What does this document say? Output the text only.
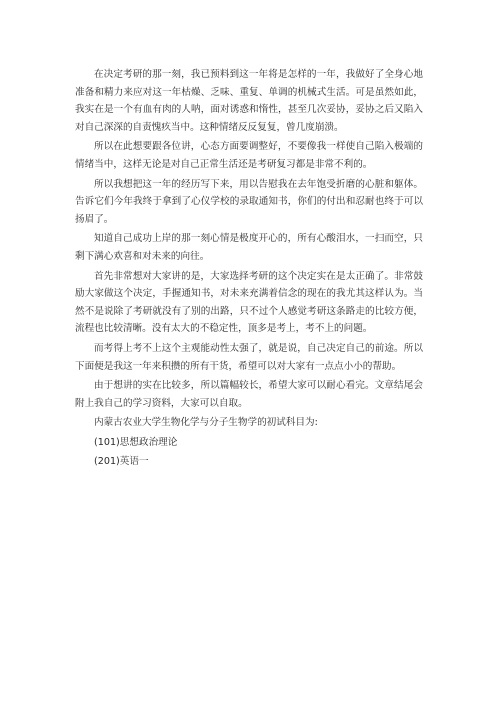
在决定考研的那一刻，我已预料到这一年将是怎样的一年，我做好了全身心地准备和精力来应对这一年枯燥、乏味、重复、单调的机械式生活。可是虽然如此，我实在是一个有血有肉的人呐，面对诱惑和惰性，甚至几次妥协，妥协之后又陷入对自己深深的自责愧疚当中。这种情绪反反复复，曾几度崩溃。

所以在此想要跟各位讲，心态方面要调整好，不要像我一样使自己陷入极端的情绪当中，这样无论是对自己正常生活还是考研复习都是非常不利的。

所以我想把这一年的经历写下来，用以告慰我在去年饱受折磨的心脏和躯体。告诉它们今年我终于拿到了心仪学校的录取通知书，你们的付出和忍耐也终于可以扬眉了。

知道自己成功上岸的那一刻心情是极度开心的，所有心酸泪水，一扫而空，只剩下满心欢喜和对未来的向往。

首先非常想对大家讲的是，大家选择考研的这个决定实在是太正确了。非常鼓励大家做这个决定，手握通知书，对未来充满着信念的现在的我尤其这样认为。当然不是说除了考研就没有了别的出路，只不过个人感觉考研这条路走的比较方便，流程也比较清晰。没有太大的不稳定性，顶多是考上，考不上的问题。

而考得上考不上这个主观能动性太强了，就是说，自己决定自己的前途。所以下面便是我这一年来积攒的所有干货，希望可以对大家有一点点小小的帮助。

由于想讲的实在比较多，所以篇幅较长，希望大家可以耐心看完。文章结尾会附上我自己的学习资料，大家可以自取。

内蒙古农业大学生物化学与分子生物学的初试科目为:

(101)思想政治理论

(201)英语一
